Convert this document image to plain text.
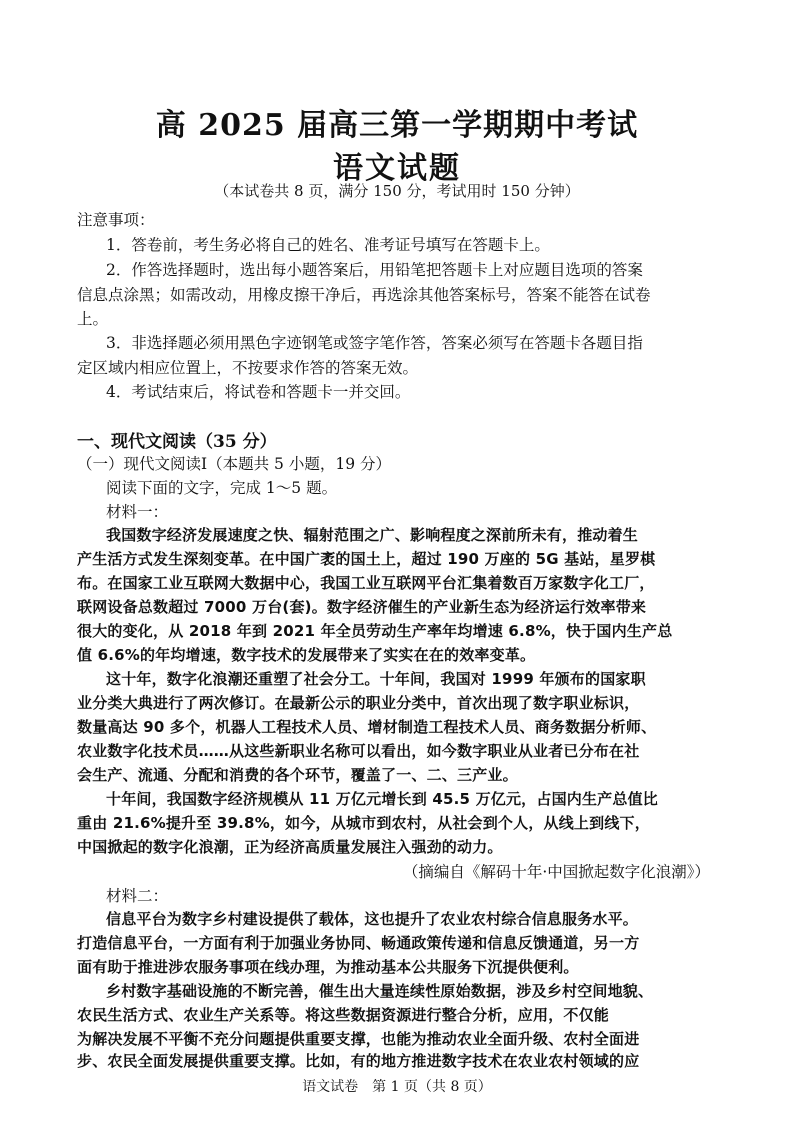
高 2025 届高三第一学期期中考试
语文试题
（本试卷共 8 页，满分 150 分，考试用时 150 分钟）
注意事项：
1．答卷前，考生务必将自己的姓名、准考证号填写在答题卡上。
2．作答选择题时，选出每小题答案后，用铅笔把答题卡上对应题目选项的答案
信息点涂黑；如需改动，用橡皮擦干净后，再选涂其他答案标号，答案不能答在试卷
上。
3．非选择题必须用黑色字迹钢笔或签字笔作答，答案必须写在答题卡各题目指
定区域内相应位置上，不按要求作答的答案无效。
4．考试结束后，将试卷和答题卡一并交回。
一、现代文阅读（35 分）
（一）现代文阅读Ⅰ（本题共 5 小题，19 分）
阅读下面的文字，完成 1～5 题。
材料一：
我国数字经济发展速度之快、辐射范围之广、影响程度之深前所未有，推动着生
产生活方式发生深刻变革。在中国广袤的国土上，超过 190 万座的 5G 基站，星罗棋
布。在国家工业互联网大数据中心，我国工业互联网平台汇集着数百万家数字化工厂，
联网设备总数超过 7000 万台(套)。数字经济催生的产业新生态为经济运行效率带来
很大的变化，从 2018 年到 2021 年全员劳动生产率年均增速 6.8%，快于国内生产总
值 6.6%的年均增速，数字技术的发展带来了实实在在的效率变革。
这十年，数字化浪潮还重塑了社会分工。十年间，我国对 1999 年颁布的国家职
业分类大典进行了两次修订。在最新公示的职业分类中，首次出现了数字职业标识，
数量高达 90 多个，机器人工程技术人员、增材制造工程技术人员、商务数据分析师、
农业数字化技术员……从这些新职业名称可以看出，如今数字职业从业者已分布在社
会生产、流通、分配和消费的各个环节，覆盖了一、二、三产业。
十年间，我国数字经济规模从 11 万亿元增长到 45.5 万亿元，占国内生产总值比
重由 21.6%提升至 39.8%，如今，从城市到农村，从社会到个人，从线上到线下，
中国掀起的数字化浪潮，正为经济高质量发展注入强劲的动力。
（摘编自《解码十年·中国掀起数字化浪潮》）
材料二：
信息平台为数字乡村建设提供了载体，这也提升了农业农村综合信息服务水平。
打造信息平台，一方面有利于加强业务协同、畅通政策传递和信息反馈通道，另一方
面有助于推进涉农服务事项在线办理，为推动基本公共服务下沉提供便利。
乡村数字基础设施的不断完善，催生出大量连续性原始数据，涉及乡村空间地貌、
农民生活方式、农业生产关系等。将这些数据资源进行整合分析，应用，不仅能
为解决发展不平衡不充分问题提供重要支撑，也能为推动农业全面升级、农村全面进
步、农民全面发展提供重要支撑。比如，有的地方推进数字技术在农业农村领域的应
语文试卷　第 1 页（共 8 页）
